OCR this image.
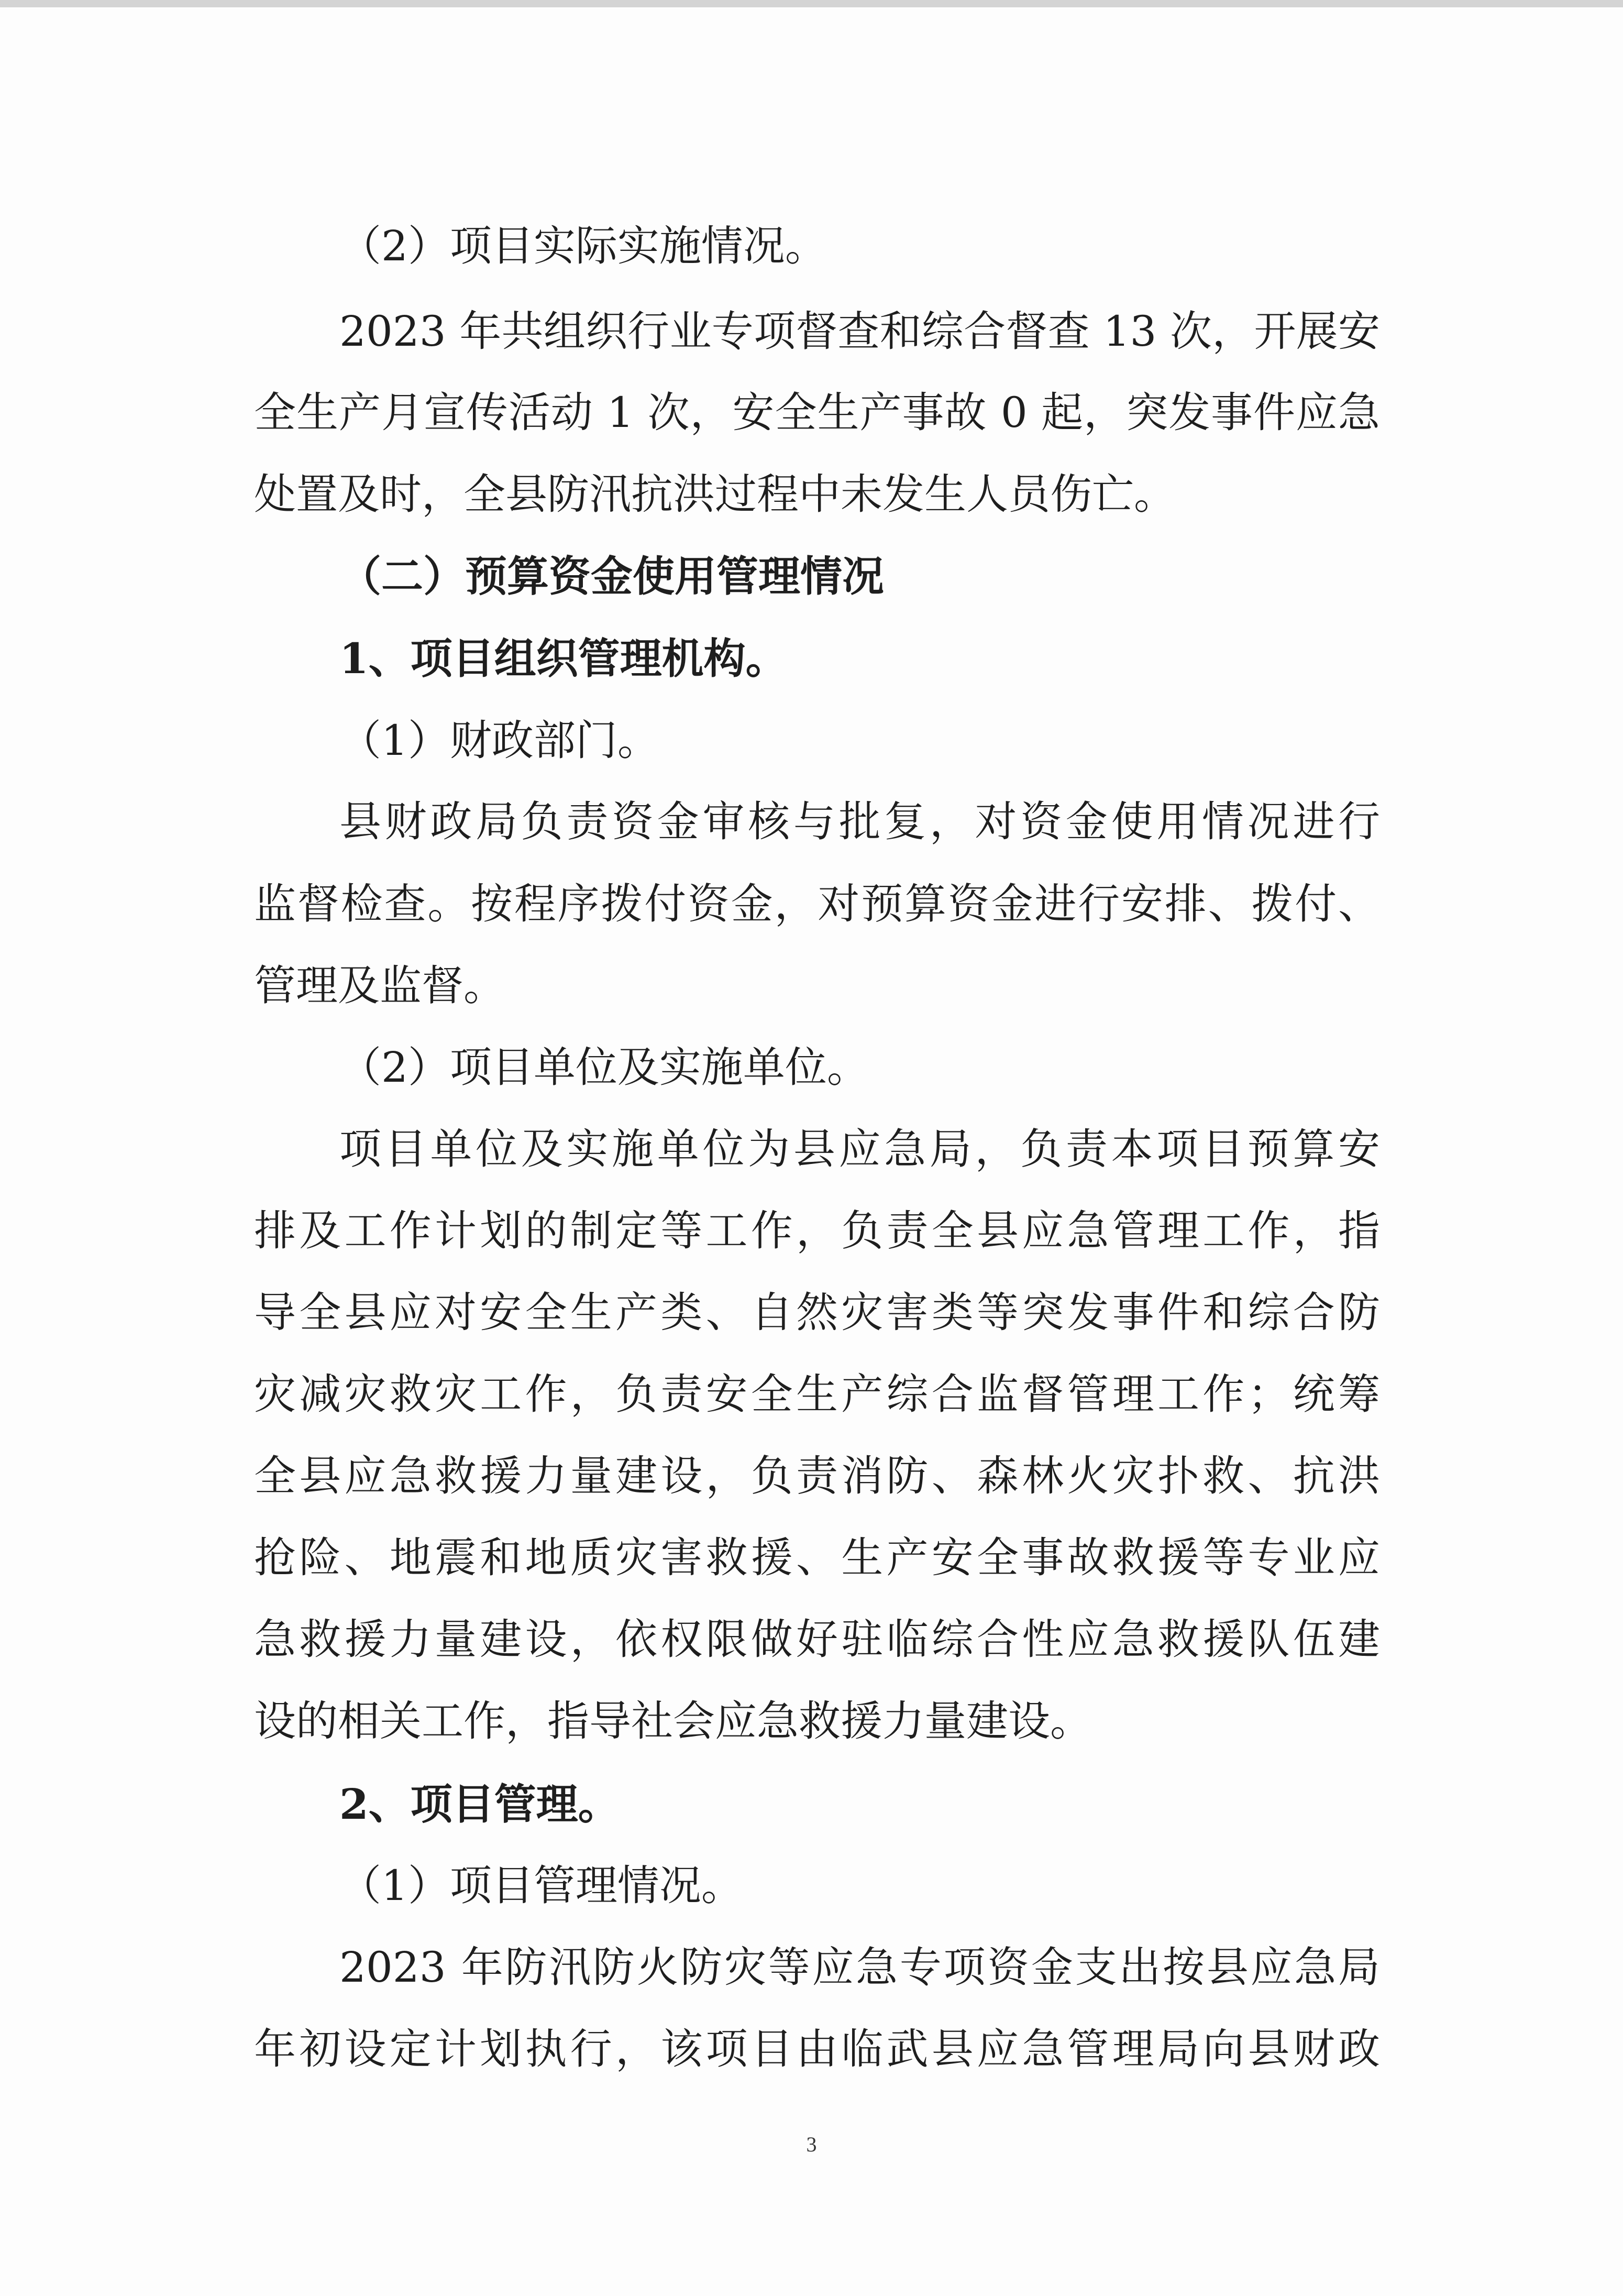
（2）项目实际实施情况。
2023 年共组织行业专项督查和综合督查 13 次，开展安
全生产月宣传活动 1 次，安全生产事故 0 起，突发事件应急
处置及时，全县防汛抗洪过程中未发生人员伤亡。
（二）预算资金使用管理情况
1、项目组织管理机构。
（1）财政部门。
县财政局负责资金审核与批复，对资金使用情况进行
监督检查。按程序拨付资金，对预算资金进行安排、拨付、
管理及监督。
（2）项目单位及实施单位。
项目单位及实施单位为县应急局，负责本项目预算安
排及工作计划的制定等工作，负责全县应急管理工作，指
导全县应对安全生产类、自然灾害类等突发事件和综合防
灾减灾救灾工作，负责安全生产综合监督管理工作；统筹
全县应急救援力量建设，负责消防、森林火灾扑救、抗洪
抢险、地震和地质灾害救援、生产安全事故救援等专业应
急救援力量建设，依权限做好驻临综合性应急救援队伍建
设的相关工作，指导社会应急救援力量建设。
2、项目管理。
（1）项目管理情况。
2023 年防汛防火防灾等应急专项资金支出按县应急局
年初设定计划执行，该项目由临武县应急管理局向县财政
3
